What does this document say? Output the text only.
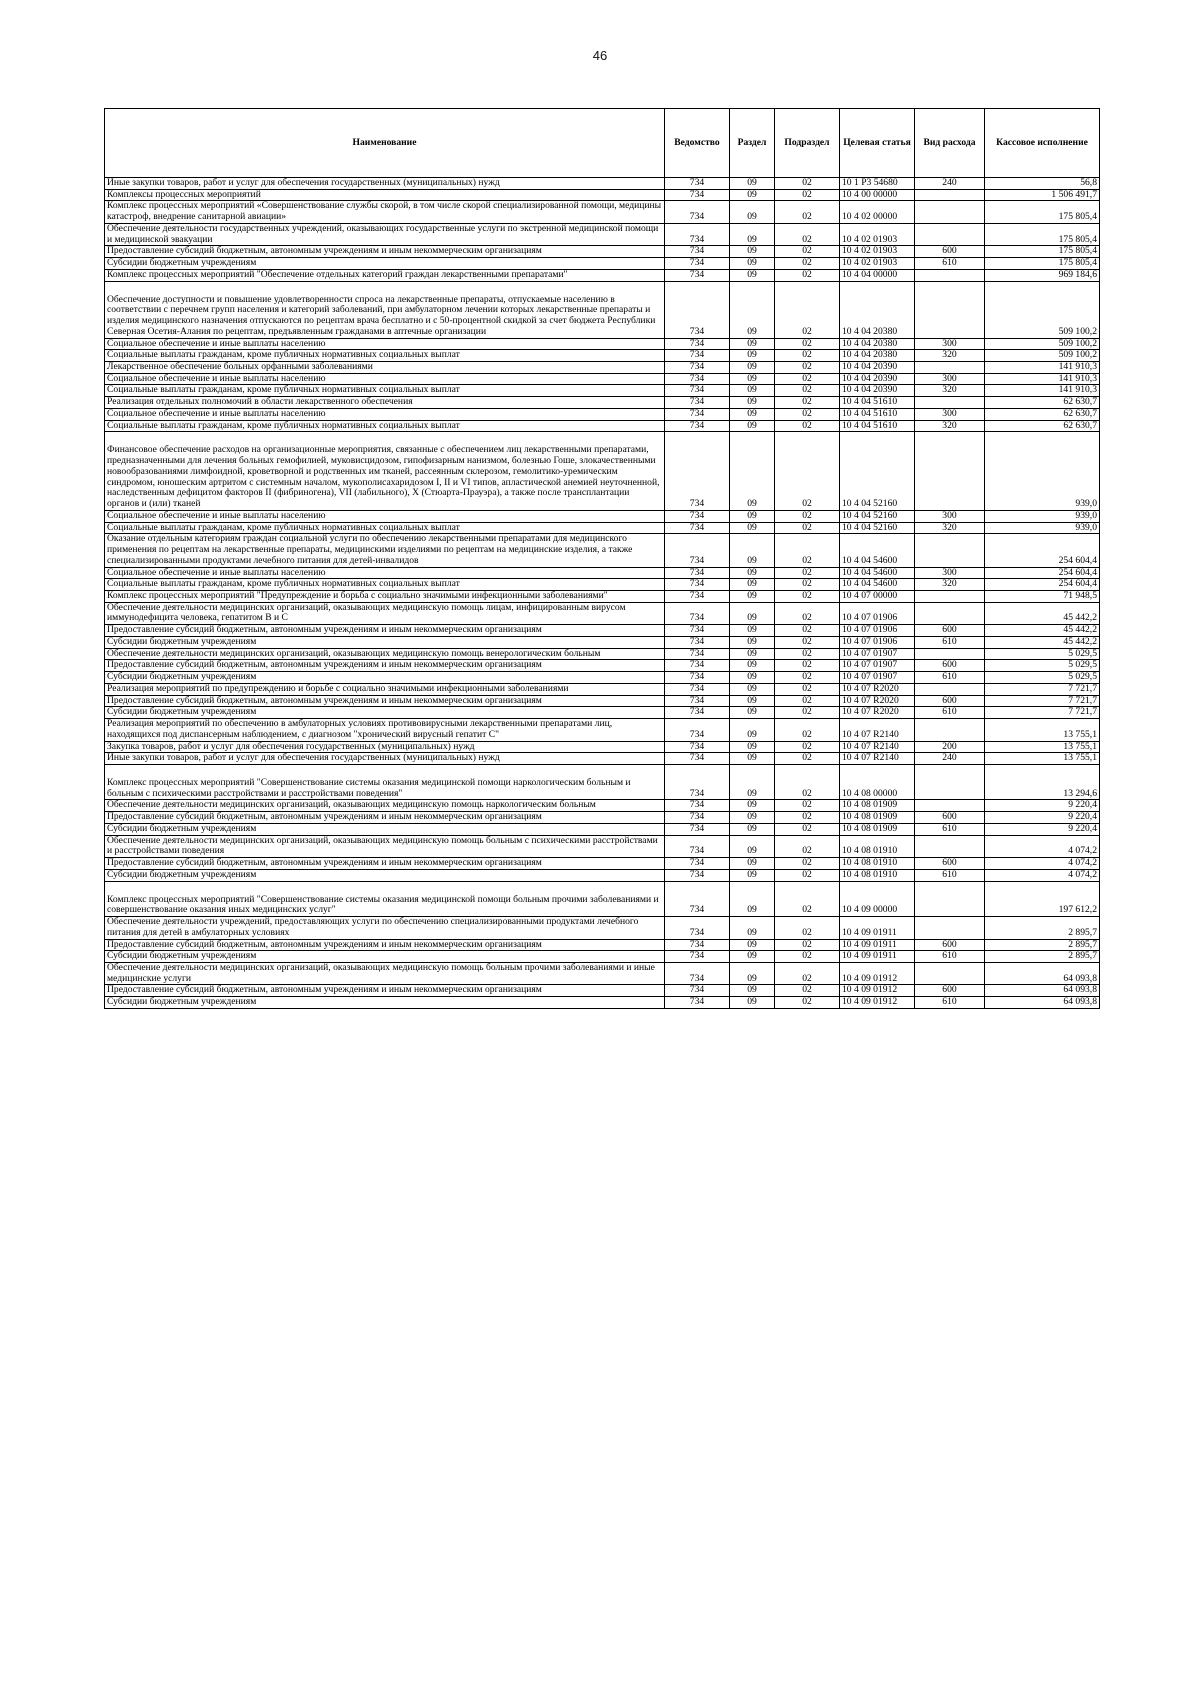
46
Наименование	Ведомство	Раздел	Подраздел	Целевая статья	Вид расхода	Кассовое исполнение
Иные закупки товаров, работ и услуг для обеспечения государственных (муниципальных) нужд	734	09	02	10 1 Р3 54680	240	56,8
Комплексы процессных мероприятий	734	09	02	10 4 00 00000		1 506 491,7
Комплекс процессных мероприятий «Совершенствование службы скорой, в том числе скорой специализированной помощи, медицины катастроф, внедрение санитарной авиации»	734	09	02	10 4 02 00000		175 805,4
Обеспечение деятельности государственных учреждений, оказывающих государственные услуги по экстренной медицинской помощи и медицинской эвакуации	734	09	02	10 4 02 01903		175 805,4
Предоставление субсидий бюджетным, автономным учреждениям и иным некоммерческим организациям	734	09	02	10 4 02 01903	600	175 805,4
Субсидии бюджетным учреждениям	734	09	02	10 4 02 01903	610	175 805,4
Комплекс процессных мероприятий "Обеспечение отдельных категорий граждан лекарственными препаратами"	734	09	02	10 4 04 00000		969 184,6
Обеспечение доступности и повышение удовлетворенности спроса на лекарственные препараты, отпускаемые населению в соответствии с перечнем групп населения и категорий заболеваний, при амбулаторном лечении которых лекарственные препараты и изделия медицинского назначения отпускаются по рецептам врача бесплатно и с 50-процентной скидкой за счет бюджета Республики Северная Осетия-Алания по рецептам, предъявленным гражданами в аптечные организации	734	09	02	10 4 04 20380		509 100,2
Социальное обеспечение и иные выплаты населению	734	09	02	10 4 04 20380	300	509 100,2
Социальные выплаты гражданам, кроме публичных нормативных социальных выплат	734	09	02	10 4 04 20380	320	509 100,2
Лекарственное обеспечение больных орфанными заболеваниями	734	09	02	10 4 04 20390		141 910,3
Социальное обеспечение и иные выплаты населению	734	09	02	10 4 04 20390	300	141 910,3
Социальные выплаты гражданам, кроме публичных нормативных социальных выплат	734	09	02	10 4 04 20390	320	141 910,3
Реализация отдельных полномочий в области лекарственного обеспечения	734	09	02	10 4 04 51610		62 630,7
Социальное обеспечение и иные выплаты населению	734	09	02	10 4 04 51610	300	62 630,7
Социальные выплаты гражданам, кроме публичных нормативных социальных выплат	734	09	02	10 4 04 51610	320	62 630,7
Финансовое обеспечение расходов на организационные мероприятия, связанные с обеспечением лиц лекарственными препаратами, предназначенными для лечения больных гемофилией, муковисцидозом, гипофизарным нанизмом, болезнью Гоше, злокачественными новообразованиями лимфоидной, кроветворной и родственных им тканей, рассеянным склерозом, гемолитико-уремическим синдромом, юношеским артритом с системным началом, мукополисахаридозом I, II и VI типов, апластической анемией неуточненной, наследственным дефицитом факторов II (фибриногена), VII (лабильного), X (Стюарта-Прауэра), а также после трансплантации органов и (или) тканей	734	09	02	10 4 04 52160		939,0
Социальное обеспечение и иные выплаты населению	734	09	02	10 4 04 52160	300	939,0
Социальные выплаты гражданам, кроме публичных нормативных социальных выплат	734	09	02	10 4 04 52160	320	939,0
Оказание отдельным категориям граждан социальной услуги по обеспечению лекарственными препаратами для медицинского применения по рецептам на лекарственные препараты, медицинскими изделиями по рецептам на медицинские изделия, а также специализированными продуктами лечебного питания для детей-инвалидов	734	09	02	10 4 04 54600		254 604,4
Социальное обеспечение и иные выплаты населению	734	09	02	10 4 04 54600	300	254 604,4
Социальные выплаты гражданам, кроме публичных нормативных социальных выплат	734	09	02	10 4 04 54600	320	254 604,4
Комплекс процессных мероприятий "Предупреждение и борьба с социально значимыми инфекционными заболеваниями"	734	09	02	10 4 07 00000		71 948,5
Обеспечение деятельности медицинских организаций, оказывающих медицинскую помощь лицам, инфицированным вирусом иммунодефицита человека, гепатитом В и С	734	09	02	10 4 07 01906		45 442,2
Предоставление субсидий бюджетным, автономным учреждениям и иным некоммерческим организациям	734	09	02	10 4 07 01906	600	45 442,2
Субсидии бюджетным учреждениям	734	09	02	10 4 07 01906	610	45 442,2
Обеспечение деятельности медицинских организаций, оказывающих медицинскую помощь венерологическим больным	734	09	02	10 4 07 01907		5 029,5
Предоставление субсидий бюджетным, автономным учреждениям и иным некоммерческим организациям	734	09	02	10 4 07 01907	600	5 029,5
Субсидии бюджетным учреждениям	734	09	02	10 4 07 01907	610	5 029,5
Реализация мероприятий по предупреждению и борьбе с социально значимыми инфекционными заболеваниями	734	09	02	10 4 07 R2020		7 721,7
Предоставление субсидий бюджетным, автономным учреждениям и иным некоммерческим организациям	734	09	02	10 4 07 R2020	600	7 721,7
Субсидии бюджетным учреждениям	734	09	02	10 4 07 R2020	610	7 721,7
Реализация мероприятий по обеспечению в амбулаторных условиях противовирусными лекарственными препаратами лиц, находящихся под диспансерным наблюдением, с диагнозом "хронический вирусный гепатит С"	734	09	02	10 4 07 R2140		13 755,1
Закупка товаров, работ и услуг для обеспечения государственных (муниципальных) нужд	734	09	02	10 4 07 R2140	200	13 755,1
Иные закупки товаров, работ и услуг для обеспечения государственных (муниципальных) нужд	734	09	02	10 4 07 R2140	240	13 755,1
Комплекс процессных мероприятий "Совершенствование системы оказания медицинской помощи наркологическим больным и больным с психическими расстройствами и расстройствами поведения"	734	09	02	10 4 08 00000		13 294,6
Обеспечение деятельности медицинских организаций, оказывающих медицинскую помощь наркологическим больным	734	09	02	10 4 08 01909		9 220,4
Предоставление субсидий бюджетным, автономным учреждениям и иным некоммерческим организациям	734	09	02	10 4 08 01909	600	9 220,4
Субсидии бюджетным учреждениям	734	09	02	10 4 08 01909	610	9 220,4
Обеспечение деятельности медицинских организаций, оказывающих медицинскую помощь больным с психическими расстройствами и расстройствами поведения	734	09	02	10 4 08 01910		4 074,2
Предоставление субсидий бюджетным, автономным учреждениям и иным некоммерческим организациям	734	09	02	10 4 08 01910	600	4 074,2
Субсидии бюджетным учреждениям	734	09	02	10 4 08 01910	610	4 074,2
Комплекс процессных мероприятий "Совершенствование системы оказания медицинской помощи больным прочими заболеваниями и совершенствование оказания иных медицинских услуг"	734	09	02	10 4 09 00000		197 612,2
Обеспечение деятельности учреждений, предоставляющих услуги по обеспечению специализированными продуктами лечебного питания для детей в амбулаторных условиях	734	09	02	10 4 09 01911		2 895,7
Предоставление субсидий бюджетным, автономным учреждениям и иным некоммерческим организациям	734	09	02	10 4 09 01911	600	2 895,7
Субсидии бюджетным учреждениям	734	09	02	10 4 09 01911	610	2 895,7
Обеспечение деятельности медицинских организаций, оказывающих медицинскую помощь больным прочими заболеваниями и иные медицинские услуги	734	09	02	10 4 09 01912		64 093,8
Предоставление субсидий бюджетным, автономным учреждениям и иным некоммерческим организациям	734	09	02	10 4 09 01912	600	64 093,8
Субсидии бюджетным учреждениям	734	09	02	10 4 09 01912	610	64 093,8
